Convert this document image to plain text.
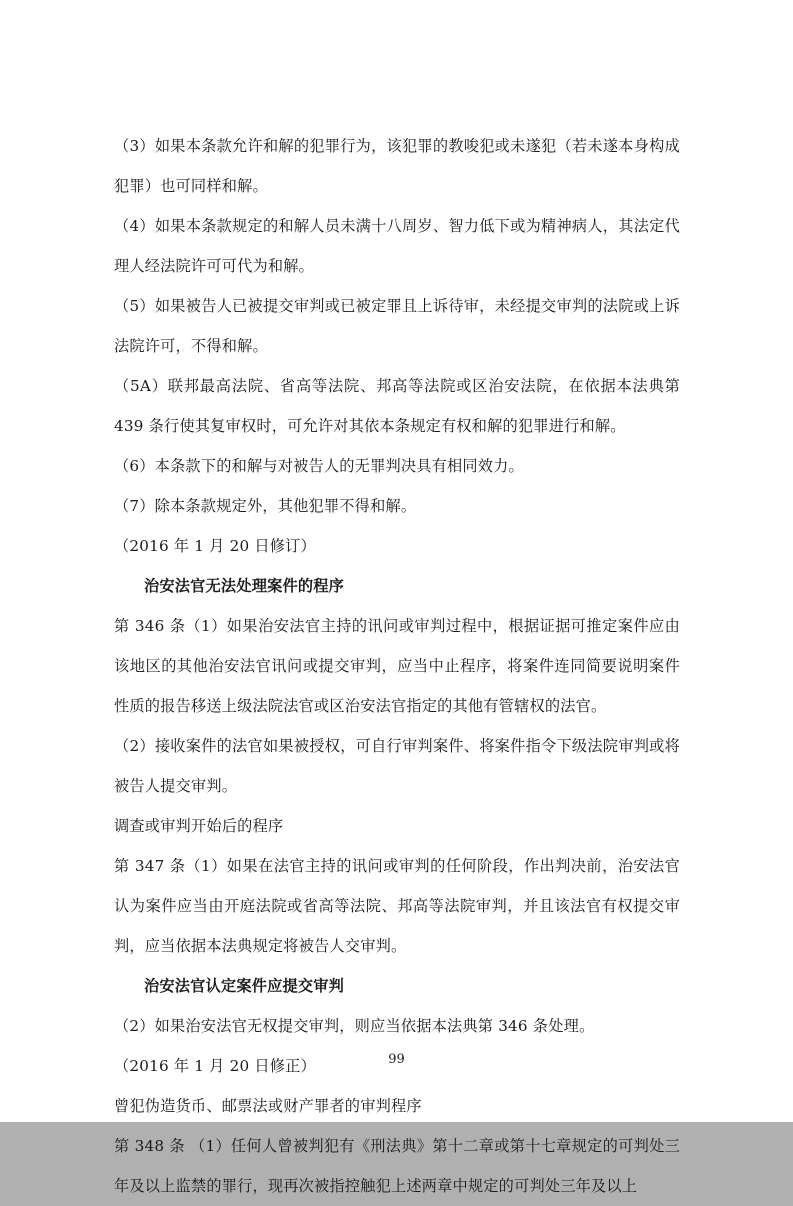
（3）如果本条款允许和解的犯罪行为，该犯罪的教唆犯或未遂犯（若未遂本身构成犯罪）也可同样和解。

（4）如果本条款规定的和解人员未满十八周岁、智力低下或为精神病人，其法定代理人经法院许可可代为和解。

（5）如果被告人已被提交审判或已被定罪且上诉待审，未经提交审判的法院或上诉法院许可，不得和解。

（5A）联邦最高法院、省高等法院、邦高等法院或区治安法院，在依据本法典第 439 条行使其复审权时，可允许对其依本条规定有权和解的犯罪进行和解。

（6）本条款下的和解与对被告人的无罪判决具有相同效力。

（7）除本条款规定外，其他犯罪不得和解。

（2016 年 1 月 20 日修订）

治安法官无法处理案件的程序

第 346 条（1）如果治安法官主持的讯问或审判过程中，根据证据可推定案件应由该地区的其他治安法官讯问或提交审判，应当中止程序，将案件连同简要说明案件性质的报告移送上级法院法官或区治安法官指定的其他有管辖权的法官。

（2）接收案件的法官如果被授权，可自行审判案件、将案件指令下级法院审判或将被告人提交审判。

调查或审判开始后的程序

第 347 条（1）如果在法官主持的讯问或审判的任何阶段，作出判决前，治安法官认为案件应当由开庭法院或省高等法院、邦高等法院审判，并且该法官有权提交审判，应当依据本法典规定将被告人交审判。

治安法官认定案件应提交审判

（2）如果治安法官无权提交审判，则应当依据本法典第 346 条处理。

（2016 年 1 月 20 日修正）

曾犯伪造货币、邮票法或财产罪者的审判程序

第 348 条 （1）任何人曾被判犯有《刑法典》第十二章或第十七章规定的可判处三年及以上监禁的罪行，现再次被指控触犯上述两章中规定的可判处三年及以上

99
